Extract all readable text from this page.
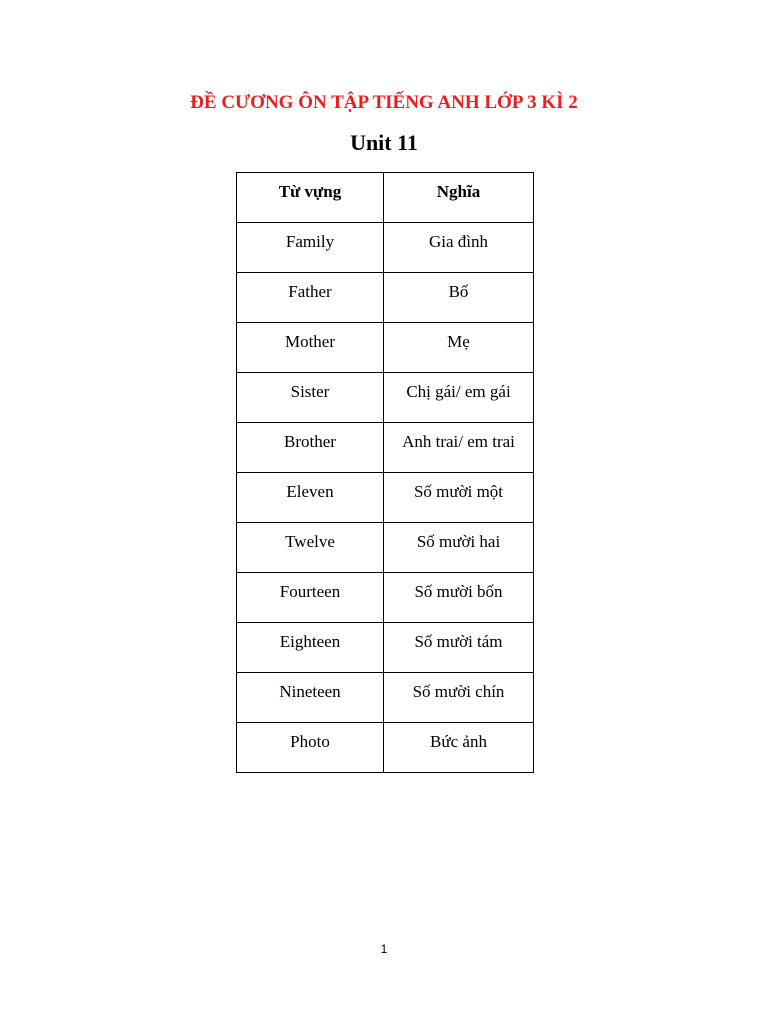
ĐỀ CƯƠNG ÔN TẬP TIẾNG ANH LỚP 3 KÌ 2
Unit 11
Từ vựng	Nghĩa

Family	Gia đình

Father	Bố

Mother	Mẹ

Sister	Chị gái/ em gái

Brother	Anh trai/ em trai

Eleven	Số mười một

Twelve	Số mười hai

Fourteen	Số mười bốn

Eighteen	Số mười tám

Nineteen	Số mười chín

Photo	Bức ảnh
1
